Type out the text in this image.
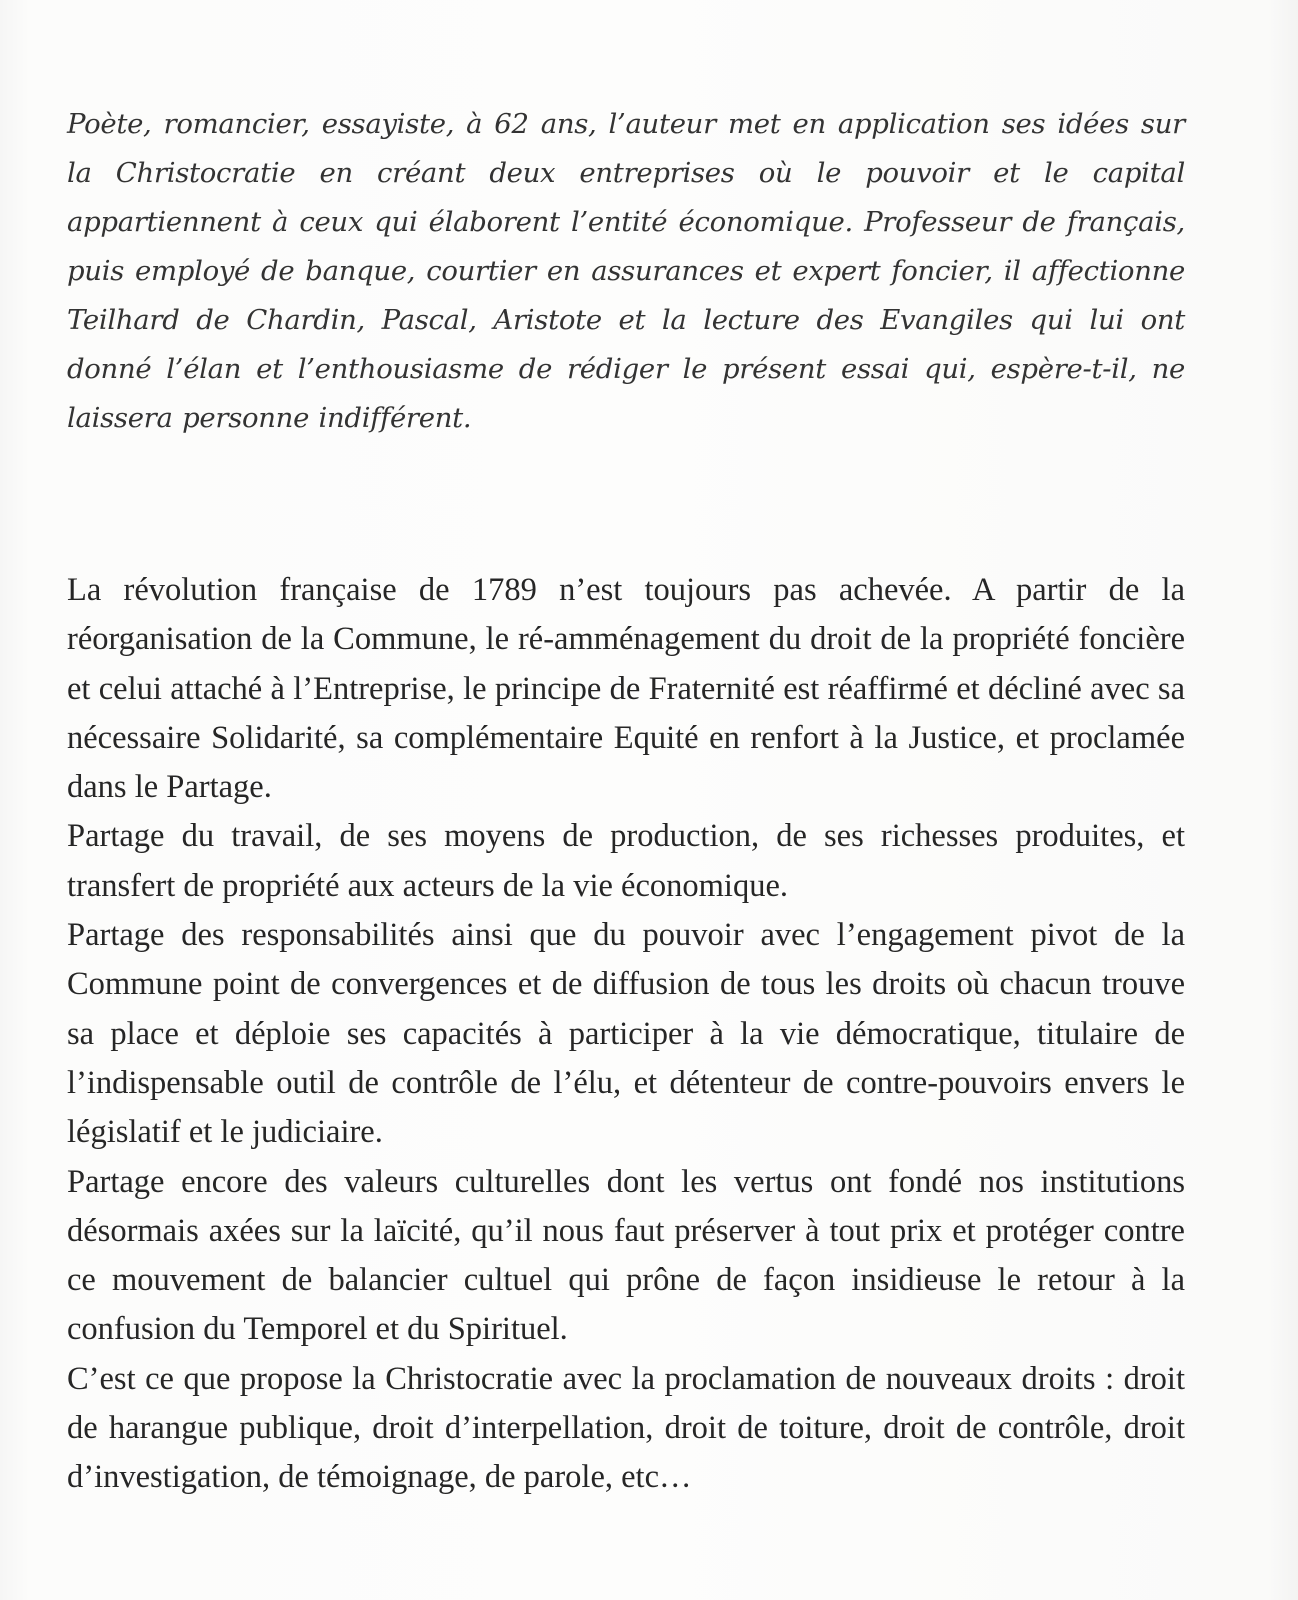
Poète, romancier, essayiste, à 62 ans, l’auteur met en application ses idées sur la Christocratie en créant deux entreprises où le pouvoir et le capital appartiennent à ceux qui élaborent l’entité économique. Professeur de français, puis employé de banque, courtier en assurances et expert foncier, il affectionne Teilhard de Chardin, Pascal, Aristote et la lecture des Evangiles qui lui ont donné l’élan et l’enthousiasme de rédiger le présent essai qui, espère-t-il, ne laissera personne indifférent.

La révolution française de 1789 n’est toujours pas achevée. A partir de la réorganisation de la Commune, le ré-amménagement du droit de la propriété foncière et celui attaché à l’Entreprise, le principe de Fraternité est réaffirmé et décliné avec sa nécessaire Solidarité, sa complémentaire Equité en renfort à la Justice, et proclamée dans le Partage.

Partage du travail, de ses moyens de production, de ses richesses produites, et transfert de propriété aux acteurs de la vie économique.

Partage des responsabilités ainsi que du pouvoir avec l’engagement pivot de la Commune point de convergences et de diffusion de tous les droits où chacun trouve sa place et déploie ses capacités à participer à la vie démocratique, titulaire de l’indispensable outil de contrôle de l’élu, et détenteur de contre-pouvoirs envers le législatif et le judiciaire.

Partage encore des valeurs culturelles dont les vertus ont fondé nos institutions désormais axées sur la laïcité, qu’il nous faut préserver à tout prix et protéger contre ce mouvement de balancier cultuel qui prône de façon insidieuse le retour à la confusion du Temporel et du Spirituel.

C’est ce que propose la Christocratie avec la proclamation de nouveaux droits : droit de harangue publique, droit d’interpellation, droit de toiture, droit de contrôle, droit d’investigation, de témoignage, de parole, etc…
